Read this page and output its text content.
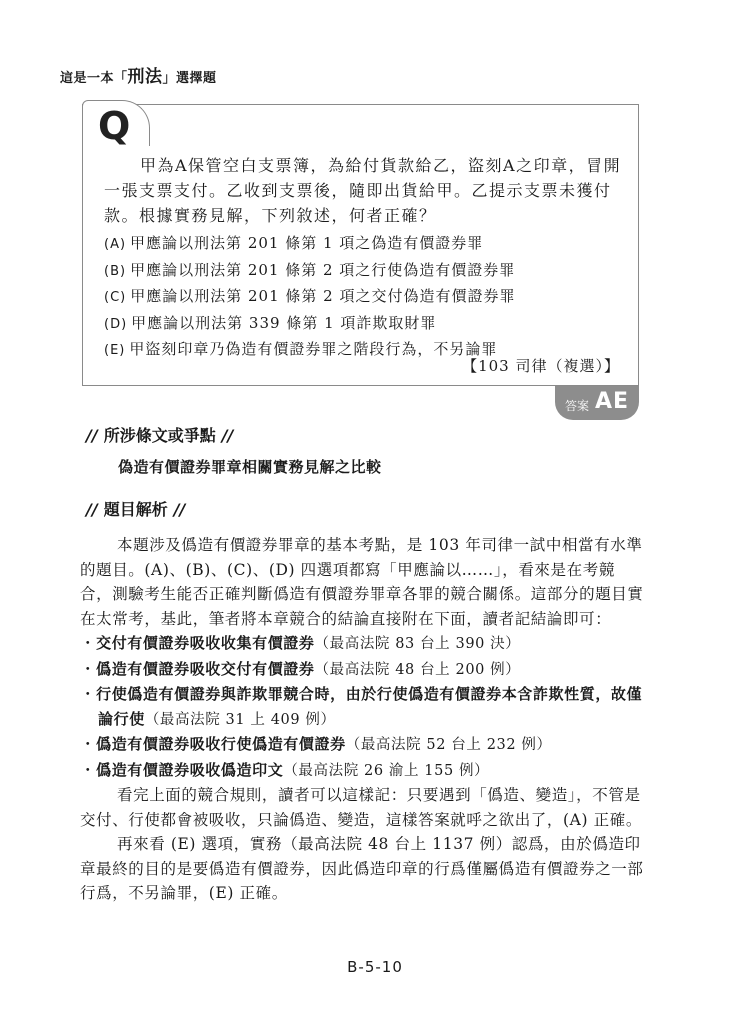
這是一本「刑法」選擇題
Q

甲為A保管空白支票簿，為給付貨款給乙，盜刻A之印章，冒開一張支票支付。乙收到支票後，隨即出貨給甲。乙提示支票未獲付款。根據實務見解，下列敘述，何者正確？

(A) 甲應論以刑法第 201 條第 1 項之偽造有價證券罪
(B) 甲應論以刑法第 201 條第 2 項之行使偽造有價證券罪
(C) 甲應論以刑法第 201 條第 2 項之交付偽造有價證券罪
(D) 甲應論以刑法第 339 條第 1 項詐欺取財罪
(E) 甲盜刻印章乃偽造有價證券罪之階段行為，不另論罪
【103 司律（複選）】
答案 AE
// 所涉條文或爭點 //
偽造有價證券罪章相關實務見解之比較
// 題目解析 //

本題涉及僞造有價證券罪章的基本考點，是 103 年司律一試中相當有水準的題目。(A)、(B)、(C)、(D) 四選項都寫「甲應論以……」，看來是在考競合，測驗考生能否正確判斷僞造有價證券罪章各罪的競合關係。這部分的題目實在太常考，基此，筆者將本章競合的結論直接附在下面，讀者記結論即可：

・交付有價證券吸收收集有價證券（最高法院 83 台上 390 決）

・僞造有價證券吸收交付有價證券（最高法院 48 台上 200 例）

・行使僞造有價證券與詐欺罪競合時，由於行使僞造有價證券本含詐欺性質，故僅論行使（最高法院 31 上 409 例）

・僞造有價證券吸收行使僞造有價證券（最高法院 52 台上 232 例）

・僞造有價證券吸收僞造印文（最高法院 26 渝上 155 例）

看完上面的競合規則，讀者可以這樣記：只要遇到「僞造、變造」，不管是交付、行使都會被吸收，只論僞造、變造，這樣答案就呼之欲出了，(A) 正確。

再來看 (E) 選項，實務（最高法院 48 台上 1137 例）認爲，由於僞造印章最終的目的是要僞造有價證券，因此僞造印章的行爲僅屬僞造有價證券之一部行爲，不另論罪，(E) 正確。

B-5-10
